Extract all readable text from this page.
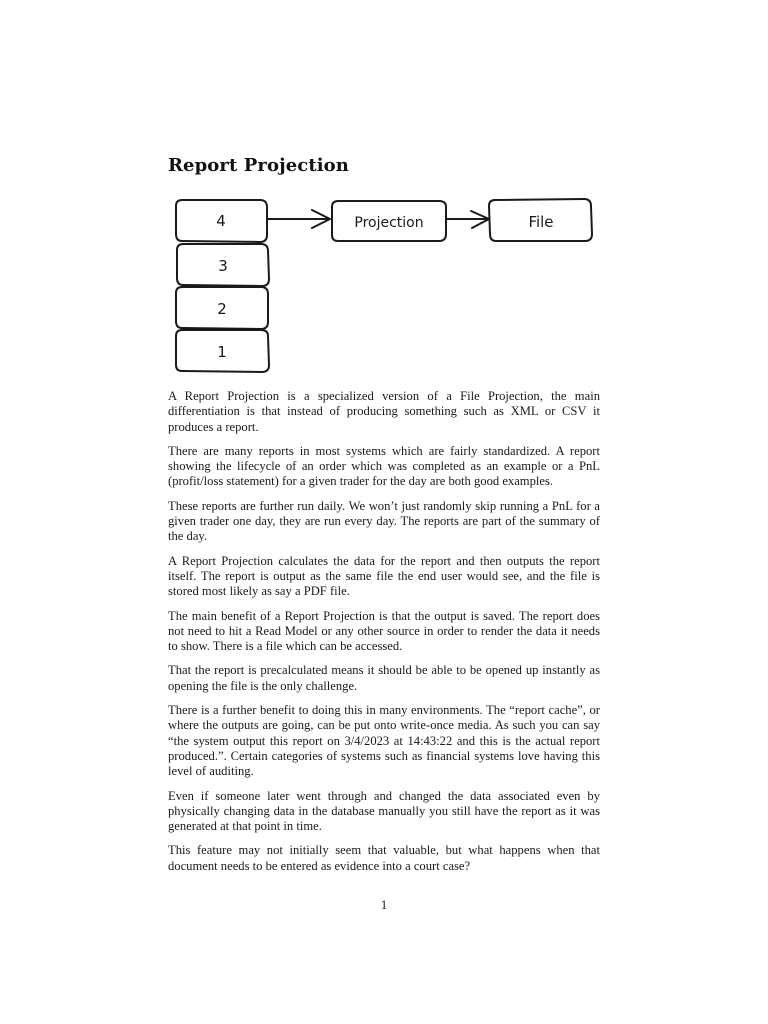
Report Projection
4
3
2
1
Projection	File

A Report Projection is a specialized version of a File Projection, the main differentiation is that instead of producing something such as XML or CSV it produces a report.

There are many reports in most systems which are fairly standardized. A report showing the lifecycle of an order which was completed as an example or a PnL (profit/loss statement) for a given trader for the day are both good examples.

These reports are further run daily. We won’t just randomly skip running a PnL for a given trader one day, they are run every day. The reports are part of the summary of the day.

A Report Projection calculates the data for the report and then outputs the report itself. The report is output as the same file the end user would see, and the file is stored most likely as say a PDF file.

The main benefit of a Report Projection is that the output is saved. The report does not need to hit a Read Model or any other source in order to render the data it needs to show. There is a file which can be accessed.

That the report is precalculated means it should be able to be opened up instantly as opening the file is the only challenge.

There is a further benefit to doing this in many environments. The “report cache”, or where the outputs are going, can be put onto write-once media. As such you can say “the system output this report on 3/4/2023 at 14:43:22 and this is the actual report produced.”. Certain categories of systems such as financial systems love having this level of auditing.

Even if someone later went through and changed the data associated even by physically changing data in the database manually you still have the report as it was generated at that point in time.

This feature may not initially seem that valuable, but what happens when that document needs to be entered as evidence into a court case?

1
